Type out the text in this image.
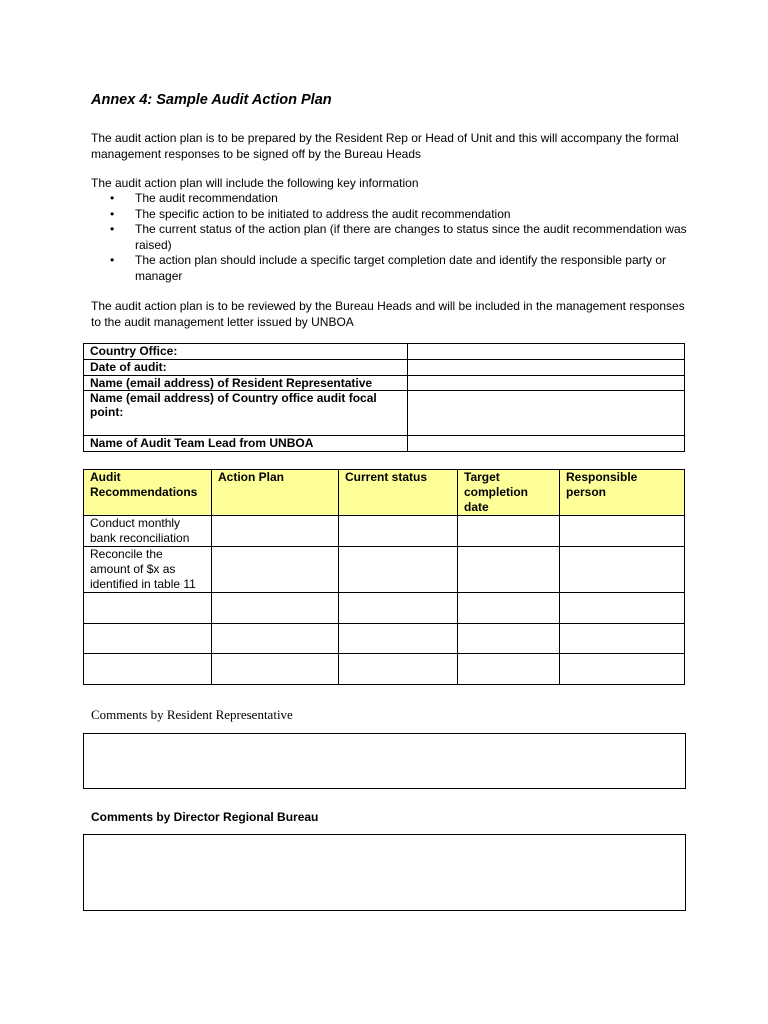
Annex 4: Sample Audit Action Plan
The audit action plan is to be prepared by the Resident Rep or Head of Unit and this will accompany the formal management responses to be signed off by the Bureau Heads
The audit action plan will include the following key information
• The audit recommendation
• The specific action to be initiated to address the audit recommendation
• The current status of the action plan (if there are changes to status since the audit recommendation was raised)
• The action plan should include a specific target completion date and identify the responsible party or manager
The audit action plan is to be reviewed by the Bureau Heads and will be included in the management responses to the audit management letter issued by UNBOA
Country Office:	
Date of audit:	
Name (email address) of Resident Representative	
Name (email address) of Country office audit focal point:	
Name of Audit Team Lead from UNBOA	
Audit Recommendations	Action Plan	Current status	Target completion date	Responsible person
Conduct monthly bank reconciliation				
Reconcile the amount of $x as identified in table 11				

Comments by Resident Representative
Comments by Director Regional Bureau
